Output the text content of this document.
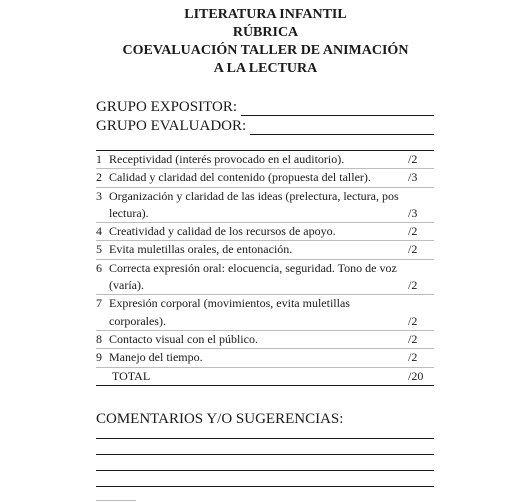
LITERATURA INFANTIL
RÚBRICA
COEVALUACIÓN TALLER DE ANIMACIÓN
A LA LECTURA
GRUPO EXPOSITOR:
GRUPO EVALUADOR:
1 Receptividad (interés provocado en el auditorio).	/2
2 Calidad y claridad del contenido (propuesta del taller).	/3
3 Organización y claridad de las ideas (prelectura, lectura, pos lectura).	/3
4 Creatividad y calidad de los recursos de apoyo.	/2
5 Evita muletillas orales, de entonación.	/2
6 Correcta expresión oral: elocuencia, seguridad. Tono de voz (varía).	/2
7 Expresión corporal (movimientos, evita muletillas corporales).	/2
8 Contacto visual con el público.	/2
9 Manejo del tiempo.	/2
TOTAL	/20
COMENTARIOS Y/O SUGERENCIAS:
